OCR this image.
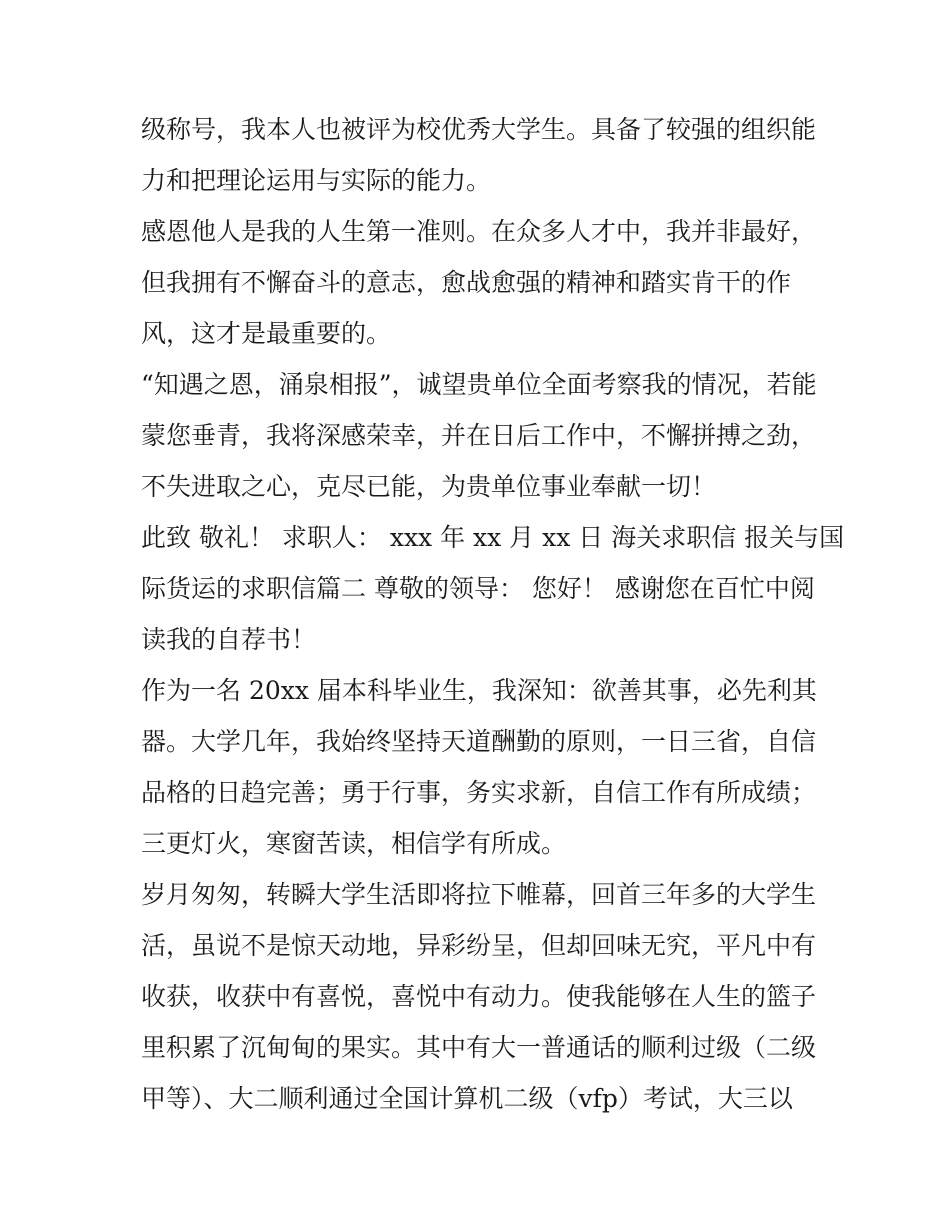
级称号，我本人也被评为校优秀大学生。具备了较强的组织能
力和把理论运用与实际的能力。
感恩他人是我的人生第一准则。在众多人才中，我并非最好，
但我拥有不懈奋斗的意志，愈战愈强的精神和踏实肯干的作
风，这才是最重要的。
“知遇之恩，涌泉相报”，诚望贵单位全面考察我的情况，若能
蒙您垂青，我将深感荣幸，并在日后工作中，不懈拼搏之劲，
不失进取之心，克尽已能，为贵单位事业奉献一切！
此致 敬礼！ 求职人： xxx 年 xx 月 xx 日 海关求职信 报关与国
际货运的求职信篇二 尊敬的领导： 您好！ 感谢您在百忙中阅
读我的自荐书！
作为一名 20xx 届本科毕业生，我深知：欲善其事，必先利其
器。大学几年，我始终坚持天道酬勤的原则，一日三省，自信
品格的日趋完善；勇于行事，务实求新，自信工作有所成绩；
三更灯火，寒窗苦读，相信学有所成。
岁月匆匆，转瞬大学生活即将拉下帷幕，回首三年多的大学生
活，虽说不是惊天动地，异彩纷呈，但却回味无究，平凡中有
收获，收获中有喜悦，喜悦中有动力。使我能够在人生的篮子
里积累了沉甸甸的果实。其中有大一普通话的顺利过级（二级
甲等）、大二顺利通过全国计算机二级（vfp）考试，大三以
